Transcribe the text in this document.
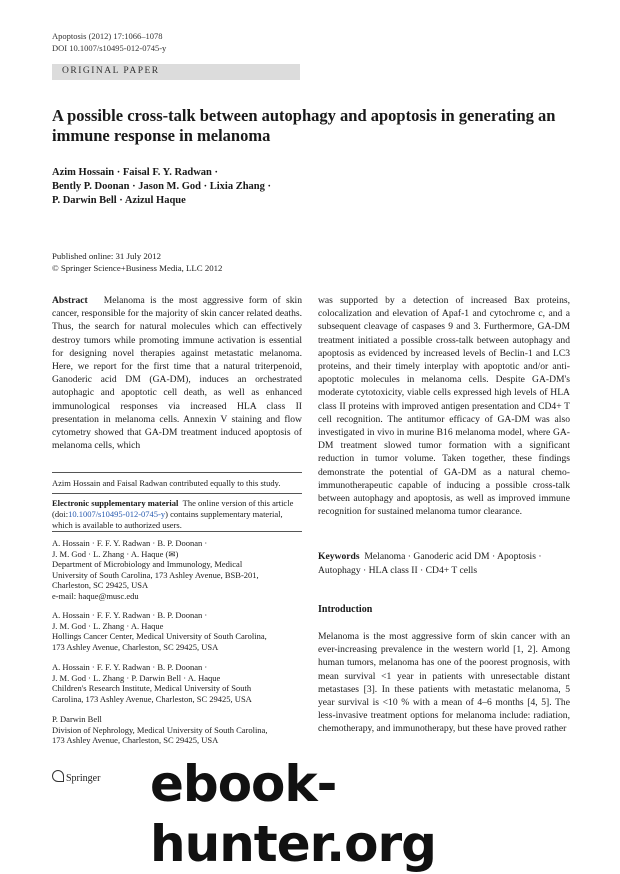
Apoptosis (2012) 17:1066–1078
DOI 10.1007/s10495-012-0745-y
ORIGINAL PAPER
A possible cross-talk between autophagy and apoptosis in generating an immune response in melanoma
Azim Hossain · Faisal F. Y. Radwan ·
Bently P. Doonan · Jason M. God · Lixia Zhang ·
P. Darwin Bell · Azizul Haque
Published online: 31 July 2012
© Springer Science+Business Media, LLC 2012

Abstract Melanoma is the most aggressive form of skin cancer, responsible for the majority of skin cancer related deaths. Thus, the search for natural molecules which can effectively destroy tumors while promoting immune activation is essential for designing novel therapies against metastatic melanoma. Here, we report for the first time that a natural triterpenoid, Ganoderic acid DM (GA-DM), induces an orchestrated autophagic and apoptotic cell death, as well as enhanced immunological responses via increased HLA class II presentation in melanoma cells. Annexin V staining and flow cytometry showed that GA-DM treatment induced apoptosis of melanoma cells, which

Azim Hossain and Faisal Radwan contributed equally to this study.
Electronic supplementary material The online version of this article (doi:10.1007/s10495-012-0745-y) contains supplementary material, which is available to authorized users.

A. Hossain · F. F. Y. Radwan · B. P. Doonan ·

J. M. God · L. Zhang · A. Haque (✉)

Department of Microbiology and Immunology, Medical

University of South Carolina, 173 Ashley Avenue, BSB-201,

Charleston, SC 29425, USA

e-mail: haque@musc.edu

A. Hossain · F. F. Y. Radwan · B. P. Doonan ·

J. M. God · L. Zhang · A. Haque

Hollings Cancer Center, Medical University of South Carolina,

173 Ashley Avenue, Charleston, SC 29425, USA

A. Hossain · F. F. Y. Radwan · B. P. Doonan ·

J. M. God · L. Zhang · P. Darwin Bell · A. Haque

Children's Research Institute, Medical University of South

Carolina, 173 Ashley Avenue, Charleston, SC 29425, USA

P. Darwin Bell

Division of Nephrology, Medical University of South Carolina,

173 Ashley Avenue, Charleston, SC 29425, USA

was supported by a detection of increased Bax proteins, colocalization and elevation of Apaf-1 and cytochrome c, and a subsequent cleavage of caspases 9 and 3. Furthermore, GA-DM treatment initiated a possible cross-talk between autophagy and apoptosis as evidenced by increased levels of Beclin-1 and LC3 proteins, and their timely interplay with apoptotic and/or anti-apoptotic molecules in melanoma cells. Despite GA-DM's moderate cytotoxicity, viable cells expressed high levels of HLA class II proteins with improved antigen presentation and CD4+ T cell recognition. The antitumor efficacy of GA-DM was also investigated in vivo in murine B16 melanoma model, where GA-DM treatment slowed tumor formation with a significant reduction in tumor volume. Taken together, these findings demonstrate the potential of GA-DM as a natural chemo-immunotherapeutic capable of inducing a possible cross-talk between autophagy and apoptosis, as well as improved immune recognition for sustained melanoma tumor clearance.

Keywords Melanoma · Ganoderic acid DM · Apoptosis · Autophagy · HLA class II · CD4+ T cells
Introduction

Melanoma is the most aggressive form of skin cancer with an ever-increasing prevalence in the western world [1, 2]. Among human tumors, melanoma has one of the poorest prognosis, with mean survival <1 year in patients with unresectable distant metastases [3]. In these patients with metastatic melanoma, 5 year survival is <10 % with a mean of 4–6 months [4, 5]. The less-invasive treatment options for melanoma include: radiation, chemotherapy, and immunotherapy, but these have proved rather

Springer ebook-hunter.org
